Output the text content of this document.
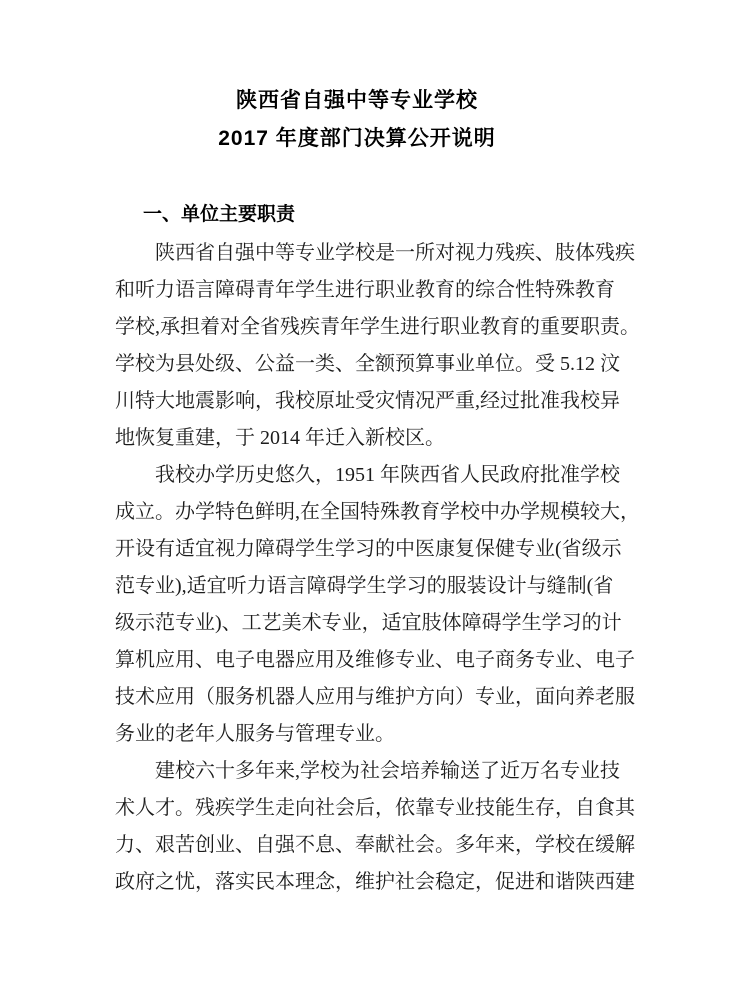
陕西省自强中等专业学校
2017 年度部门决算公开说明
一、单位主要职责
陕西省自强中等专业学校是一所对视力残疾、肢体残疾
和听力语言障碍青年学生进行职业教育的综合性特殊教育
学校,承担着对全省残疾青年学生进行职业教育的重要职责。
学校为县处级、公益一类、全额预算事业单位。受 5.12 汶
川特大地震影响，我校原址受灾情况严重,经过批准我校异
地恢复重建，于 2014 年迁入新校区。
我校办学历史悠久，1951 年陕西省人民政府批准学校
成立。办学特色鲜明,在全国特殊教育学校中办学规模较大，
开设有适宜视力障碍学生学习的中医康复保健专业(省级示
范专业),适宜听力语言障碍学生学习的服装设计与缝制(省
级示范专业)、工艺美术专业，适宜肢体障碍学生学习的计
算机应用、电子电器应用及维修专业、电子商务专业、电子
技术应用（服务机器人应用与维护方向）专业，面向养老服
务业的老年人服务与管理专业。
建校六十多年来,学校为社会培养输送了近万名专业技
术人才。残疾学生走向社会后，依靠专业技能生存，自食其
力、艰苦创业、自强不息、奉献社会。多年来，学校在缓解
政府之忧，落实民本理念，维护社会稳定，促进和谐陕西建
